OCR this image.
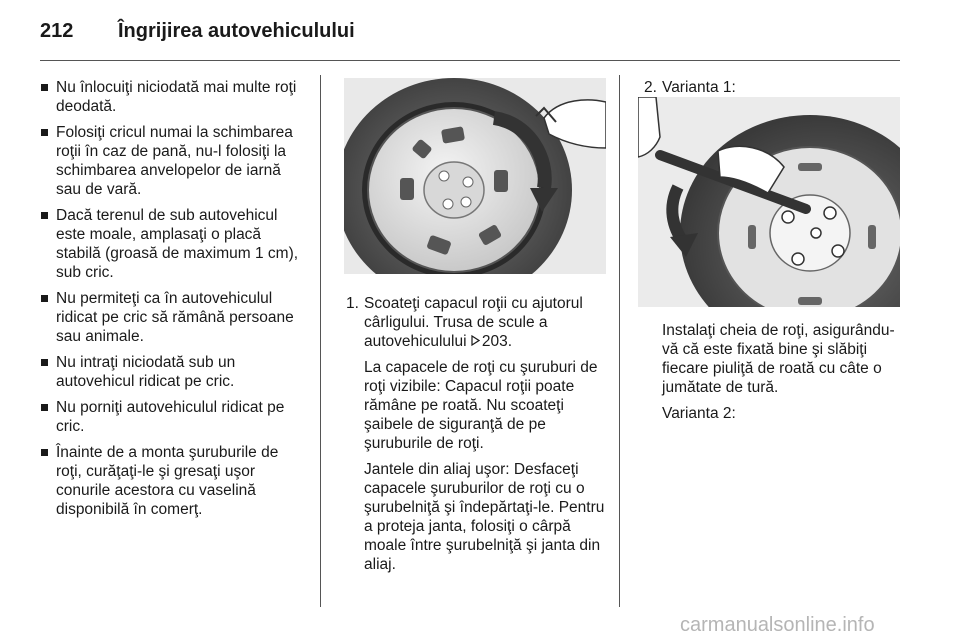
212 Îngrijirea autovehiculului
Nu înlocuiţi niciodată mai multe roţi deodată.
Folosiţi cricul numai la schimbarea roţii în caz de pană, nu-l folosiţi la schimbarea anvelopelor de iarnă sau de vară.
Dacă terenul de sub autovehicul este moale, amplasaţi o placă stabilă (groasă de maximum 1 cm), sub cric.
Nu permiteţi ca în autovehiculul ridicat pe cric să rămână persoane sau animale.
Nu intraţi niciodată sub un autovehicul ridicat pe cric.
Nu porniţi autovehiculul ridicat pe cric.
Înainte de a monta şuruburile de roţi, curăţaţi-le şi gresaţi uşor conurile acestora cu vaselină disponibilă în comerţ.
1. Scoateţi capacul roţii cu ajutorul cârligului. Trusa de scule a autovehiculului 203.
La capacele de roţi cu şuruburi de roţi vizibile: Capacul roţii poate rămâne pe roată. Nu scoateţi şaibele de siguranţă de pe şuruburile de roţi.
Jantele din aliaj uşor: Desfaceţi capacele şuruburilor de roţi cu o şurubelniţă şi îndepărtaţi-le. Pentru a proteja janta, folosiţi o cârpă moale între şurubelniţă şi janta din aliaj.
2. Varianta 1:
Instalaţi cheia de roţi, asigurându-vă că este fixată bine şi slăbiţi fiecare piuliţă de roată cu câte o jumătate de tură.
Varianta 2:
carmanualsonline.info
